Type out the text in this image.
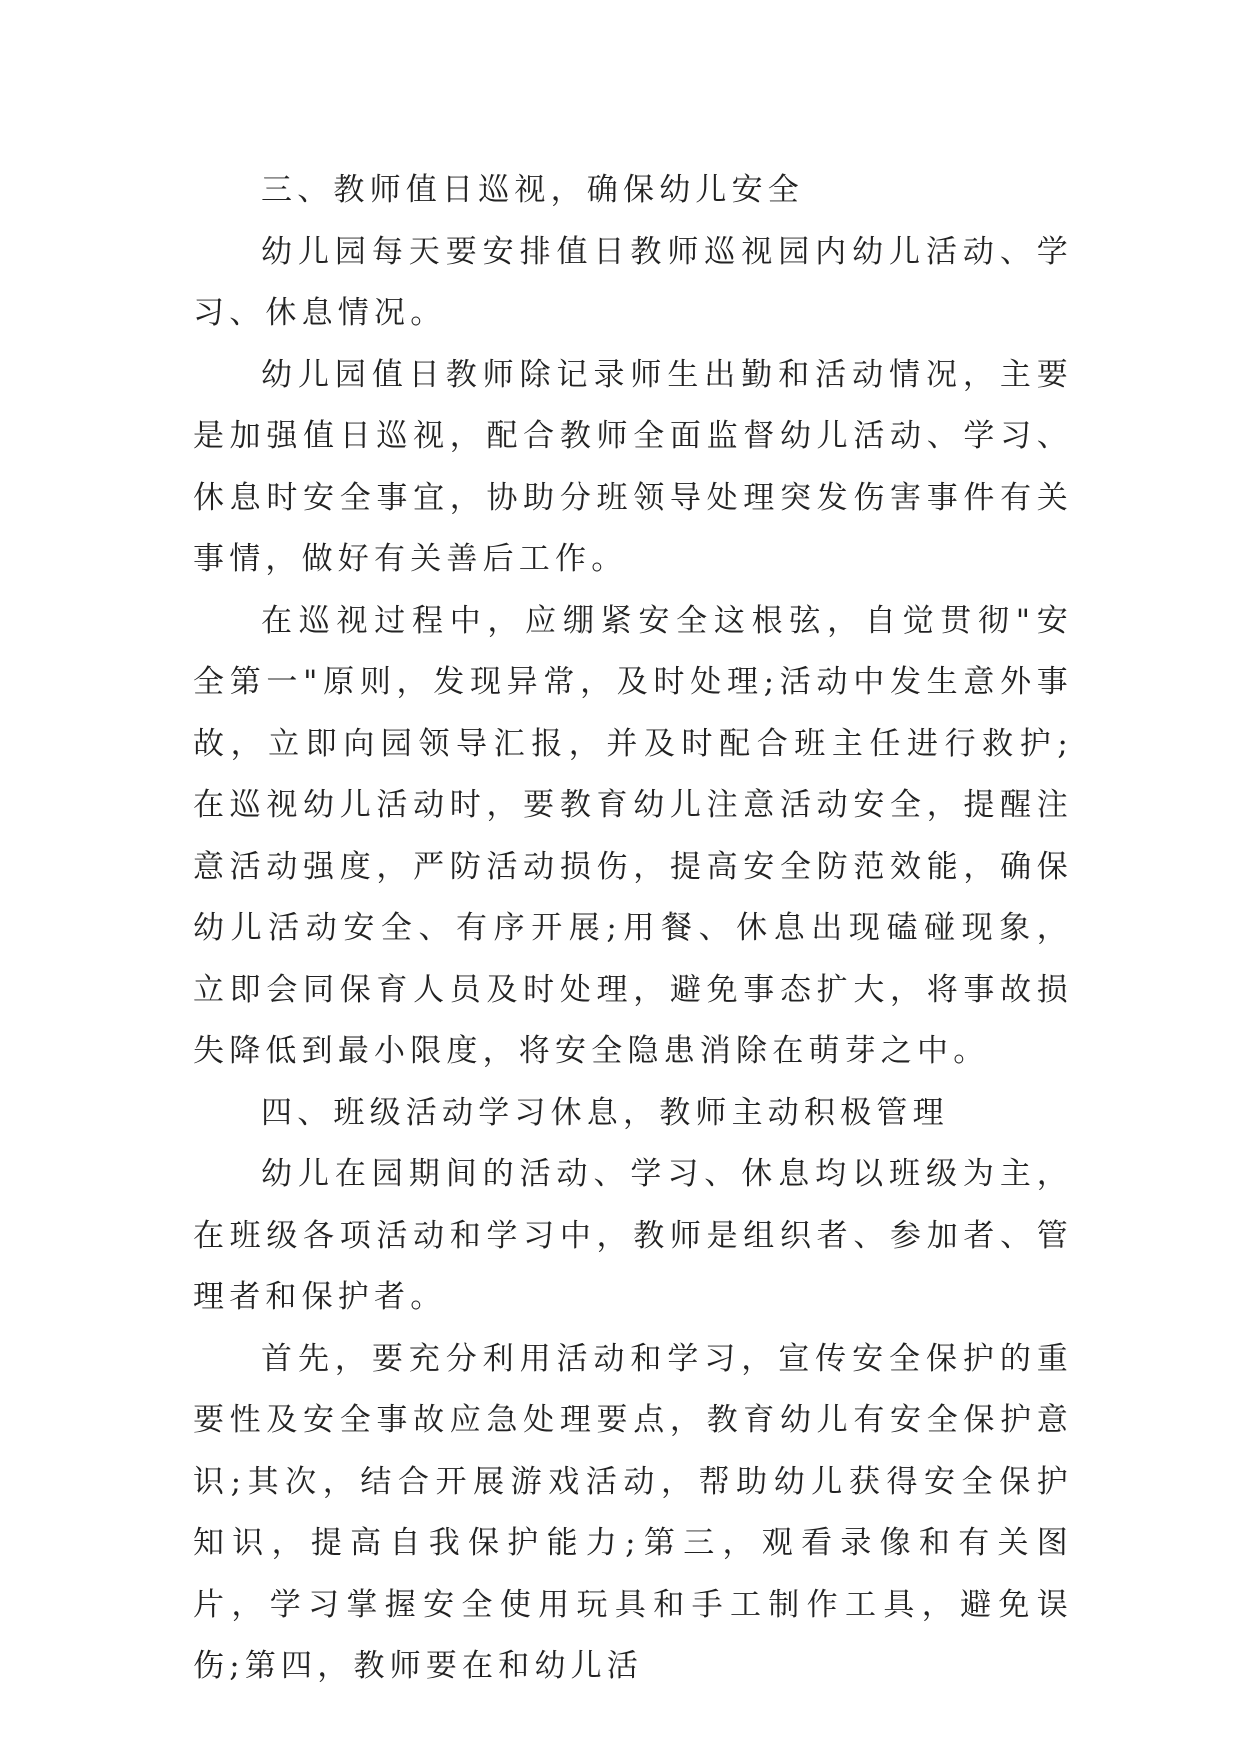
三、教师值日巡视，确保幼儿安全

幼儿园每天要安排值日教师巡视园内幼儿活动、学习、休息情况。

幼儿园值日教师除记录师生出勤和活动情况，主要是加强值日巡视，配合教师全面监督幼儿活动、学习、休息时安全事宜，协助分班领导处理突发伤害事件有关事情，做好有关善后工作。

在巡视过程中，应绷紧安全这根弦，自觉贯彻"安全第一"原则，发现异常，及时处理;活动中发生意外事故，立即向园领导汇报，并及时配合班主任进行救护;在巡视幼儿活动时，要教育幼儿注意活动安全，提醒注意活动强度，严防活动损伤，提高安全防范效能，确保幼儿活动安全、有序开展;用餐、休息出现磕碰现象，立即会同保育人员及时处理，避免事态扩大，将事故损失降低到最小限度，将安全隐患消除在萌芽之中。

四、班级活动学习休息，教师主动积极管理

幼儿在园期间的活动、学习、休息均以班级为主，在班级各项活动和学习中，教师是组织者、参加者、管理者和保护者。

首先，要充分利用活动和学习，宣传安全保护的重要性及安全事故应急处理要点，教育幼儿有安全保护意识;其次，结合开展游戏活动，帮助幼儿获得安全保护知识，提高自我保护能力;第三，观看录像和有关图片，学习掌握安全使用玩具和手工制作工具，避免误伤;第四，教师要在和幼儿活
